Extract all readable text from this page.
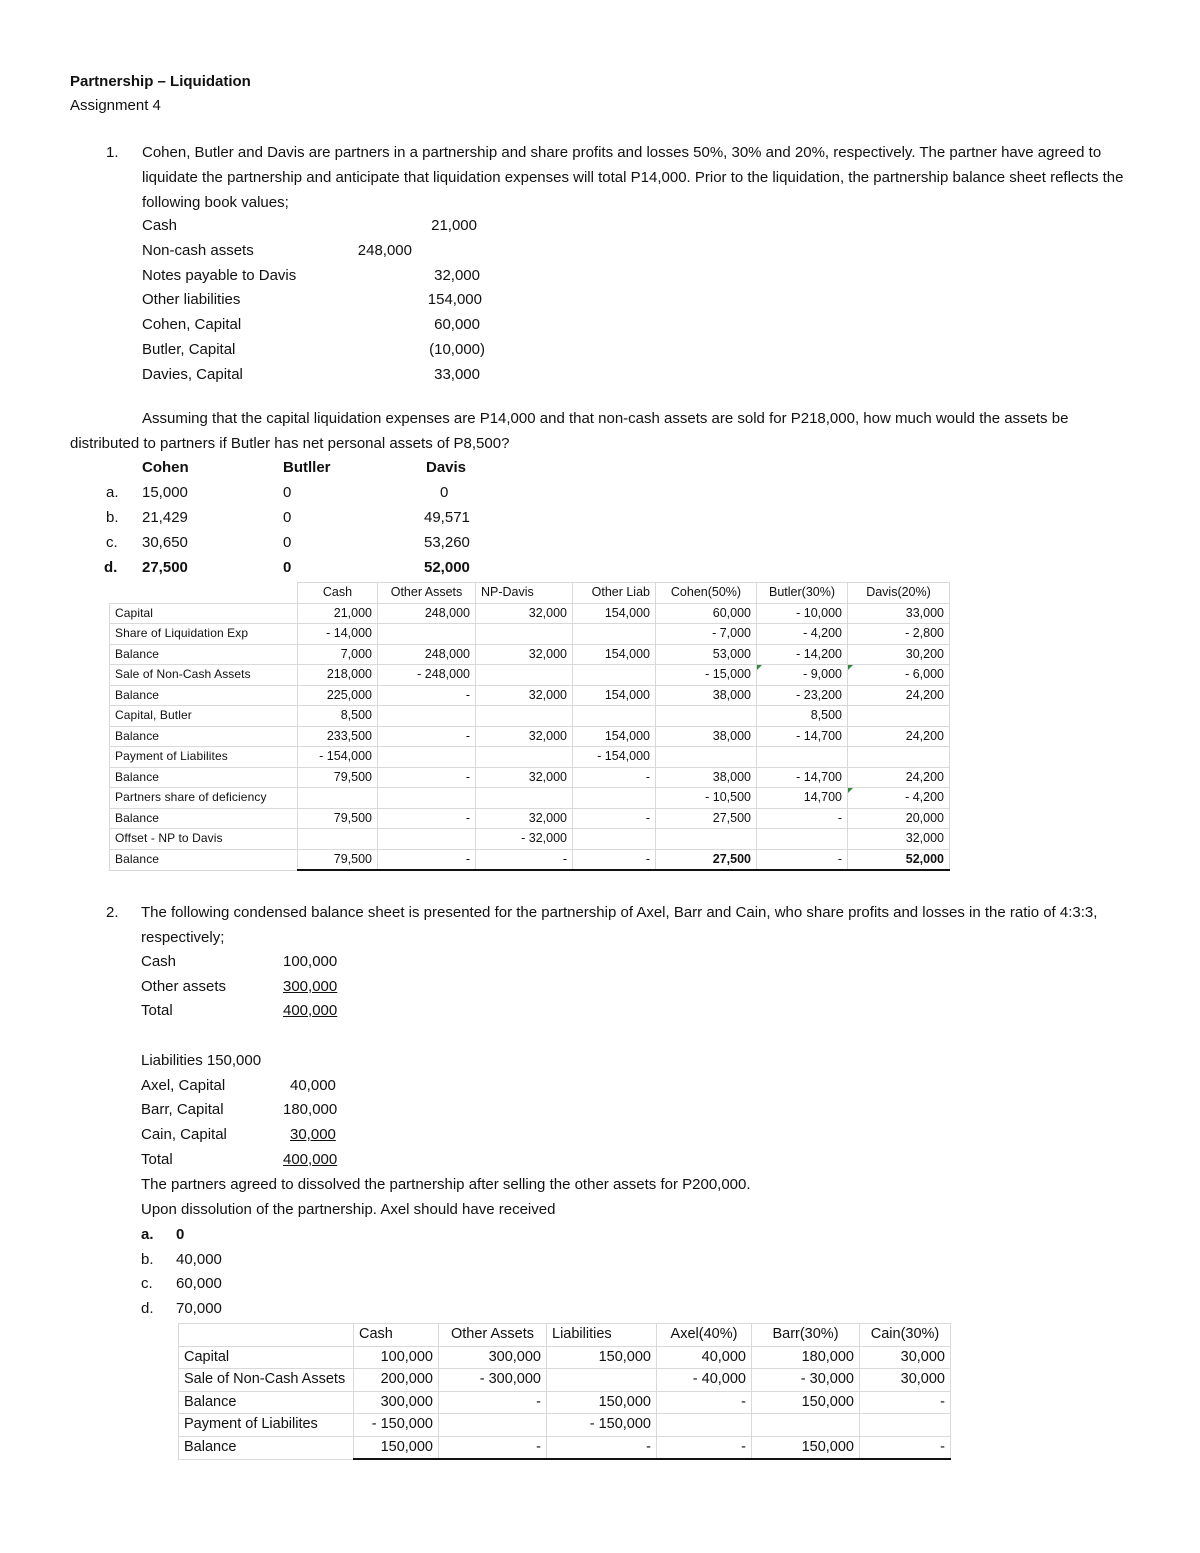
Partnership – Liquidation
Assignment 4
1. Cohen, Butler and Davis are partners in a partnership and share profits and losses 50%, 30% and 20%, respectively. The partner have agreed to liquidate the partnership and anticipate that liquidation expenses will total P14,000. Prior to the liquidation, the partnership balance sheet reflects the following book values;
Cash	21,000
Non-cash assets	248,000
Notes payable to Davis	32,000
Other liabilities	154,000
Cohen, Capital	60,000
Butler, Capital	(10,000)
Davies, Capital	33,000
Assuming that the capital liquidation expenses are P14,000 and that non-cash assets are sold for P218,000, how much would the assets be distributed to partners if Butler has net personal assets of P8,500?
Cohen	Butller	Davis
a. 15,000	0	0
b. 21,429	0	49,571
c. 30,650	0	53,260
d. 27,500	0	52,000
	Cash	Other Assets	NP-Davis	Other Liab	Cohen(50%)	Butler(30%)	Davis(20%)
Capital	21,000	248,000	32,000	154,000	60,000	- 10,000	33,000
Share of Liquidation Exp	- 14,000				- 7,000	- 4,200	- 2,800
Balance	7,000	248,000	32,000	154,000	53,000	- 14,200	30,200
Sale of Non-Cash Assets	218,000	- 248,000			- 15,000	- 9,000	- 6,000
Balance	225,000	-	32,000	154,000	38,000	- 23,200	24,200
Capital, Butler	8,500					8,500	
Balance	233,500	-	32,000	154,000	38,000	- 14,700	24,200
Payment of Liabilites	- 154,000			- 154,000			
Balance	79,500	-	32,000	-	38,000	- 14,700	24,200
Partners share of deficiency					- 10,500	14,700	- 4,200
Balance	79,500	-	32,000	-	27,500	-	20,000
Offset - NP to Davis			- 32,000				32,000
Balance	79,500	-	-	-	27,500	-	52,000
2. The following condensed balance sheet is presented for the partnership of Axel, Barr and Cain, who share profits and losses in the ratio of 4:3:3, respectively;
Cash	100,000
Other assets	300,000
Total	400,000
Liabilities 150,000
Axel, Capital	40,000
Barr, Capital	180,000
Cain, Capital	30,000
Total	400,000
The partners agreed to dissolved the partnership after selling the other assets for P200,000.
Upon dissolution of the partnership. Axel should have received
a. 0
b. 40,000
c. 60,000
d. 70,000
	Cash	Other Assets	Liabilities	Axel(40%)	Barr(30%)	Cain(30%)
Capital	100,000	300,000	150,000	40,000	180,000	30,000
Sale of Non-Cash Assets	200,000	- 300,000		- 40,000	- 30,000	30,000
Balance	300,000	-	150,000	-	150,000	-
Payment of Liabilites	- 150,000		- 150,000			
Balance	150,000	-	-	-	150,000	-
